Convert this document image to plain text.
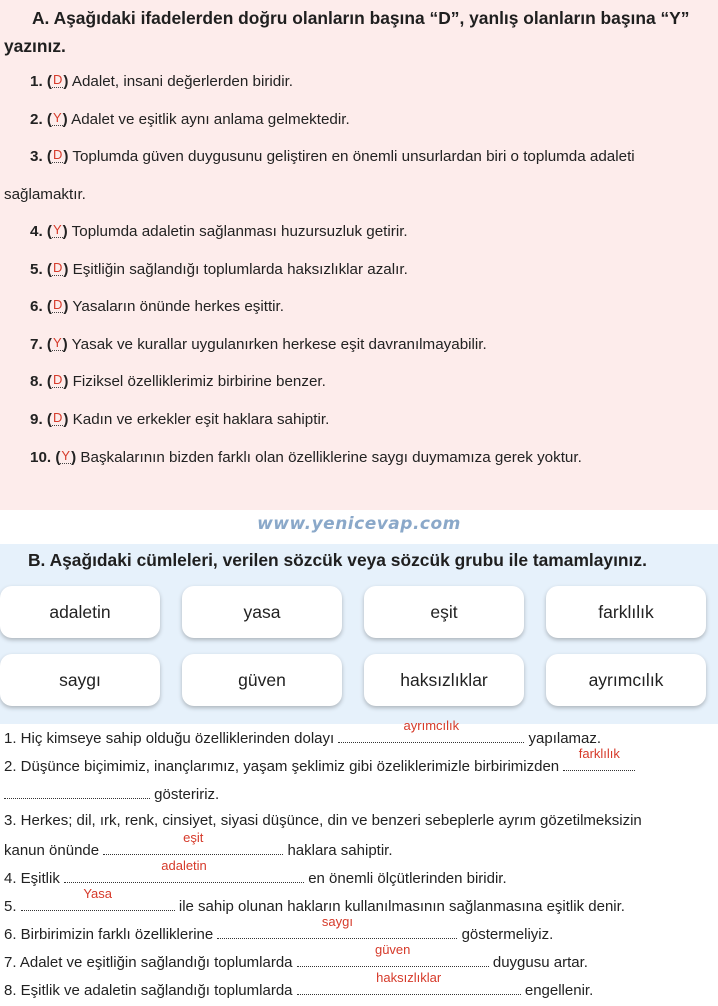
A. Aşağıdaki ifadelerden doğru olanların başına “D”, yanlış olanların başına “Y” yazınız.
1. (D) Adalet, insani değerlerden biridir.
2. (Y) Adalet ve eşitlik aynı anlama gelmektedir.
3. (D) Toplumda güven duygusunu geliştiren en önemli unsurlardan biri o toplumda adaleti
sağlamaktır.
4. (Y) Toplumda adaletin sağlanması huzursuzluk getirir.
5. (D) Eşitliğin sağlandığı toplumlarda haksızlıklar azalır.
6. (D) Yasaların önünde herkes eşittir.
7. (Y) Yasak ve kurallar uygulanırken herkese eşit davranılmayabilir.
8. (D) Fiziksel özelliklerimiz birbirine benzer.
9. (D) Kadın ve erkekler eşit haklara sahiptir.
10. (Y) Başkalarının bizden farklı olan özelliklerine saygı duymamıza gerek yoktur.
www.yenicevap.com
B. Aşağıdaki cümleleri, verilen sözcük veya sözcük grubu ile tamamlayınız.
adaletin	yasa	eşit	farklılık
saygı	güven	haksızlıklar	ayrımcılık
1. Hiç kimseye sahip olduğu özelliklerinden dolayı
ayrımcılık
yapılamaz.
2. Düşünce biçimimiz, inançlarımız, yaşam şeklimiz gibi özeliklerimizle birbirimizden
farklılık
gösteririz.
3. Herkes; dil, ırk, renk, cinsiyet, siyasi düşünce, din ve benzeri sebeplerle ayrım gözetilmeksizin
kanun önünde
eşit
haklara sahiptir.
4. Eşitlik
adaletin
en önemli ölçütlerinden biridir.
5.
Yasa
ile sahip olunan hakların kullanılmasının sağlanmasına eşitlik denir.
6. Birbirimizin farklı özelliklerine
saygı
göstermeliyiz.
7. Adalet ve eşitliğin sağlandığı toplumlarda
güven
duygusu artar.
8. Eşitlik ve adaletin sağlandığı toplumlarda
haksızlıklar
engellenir.
